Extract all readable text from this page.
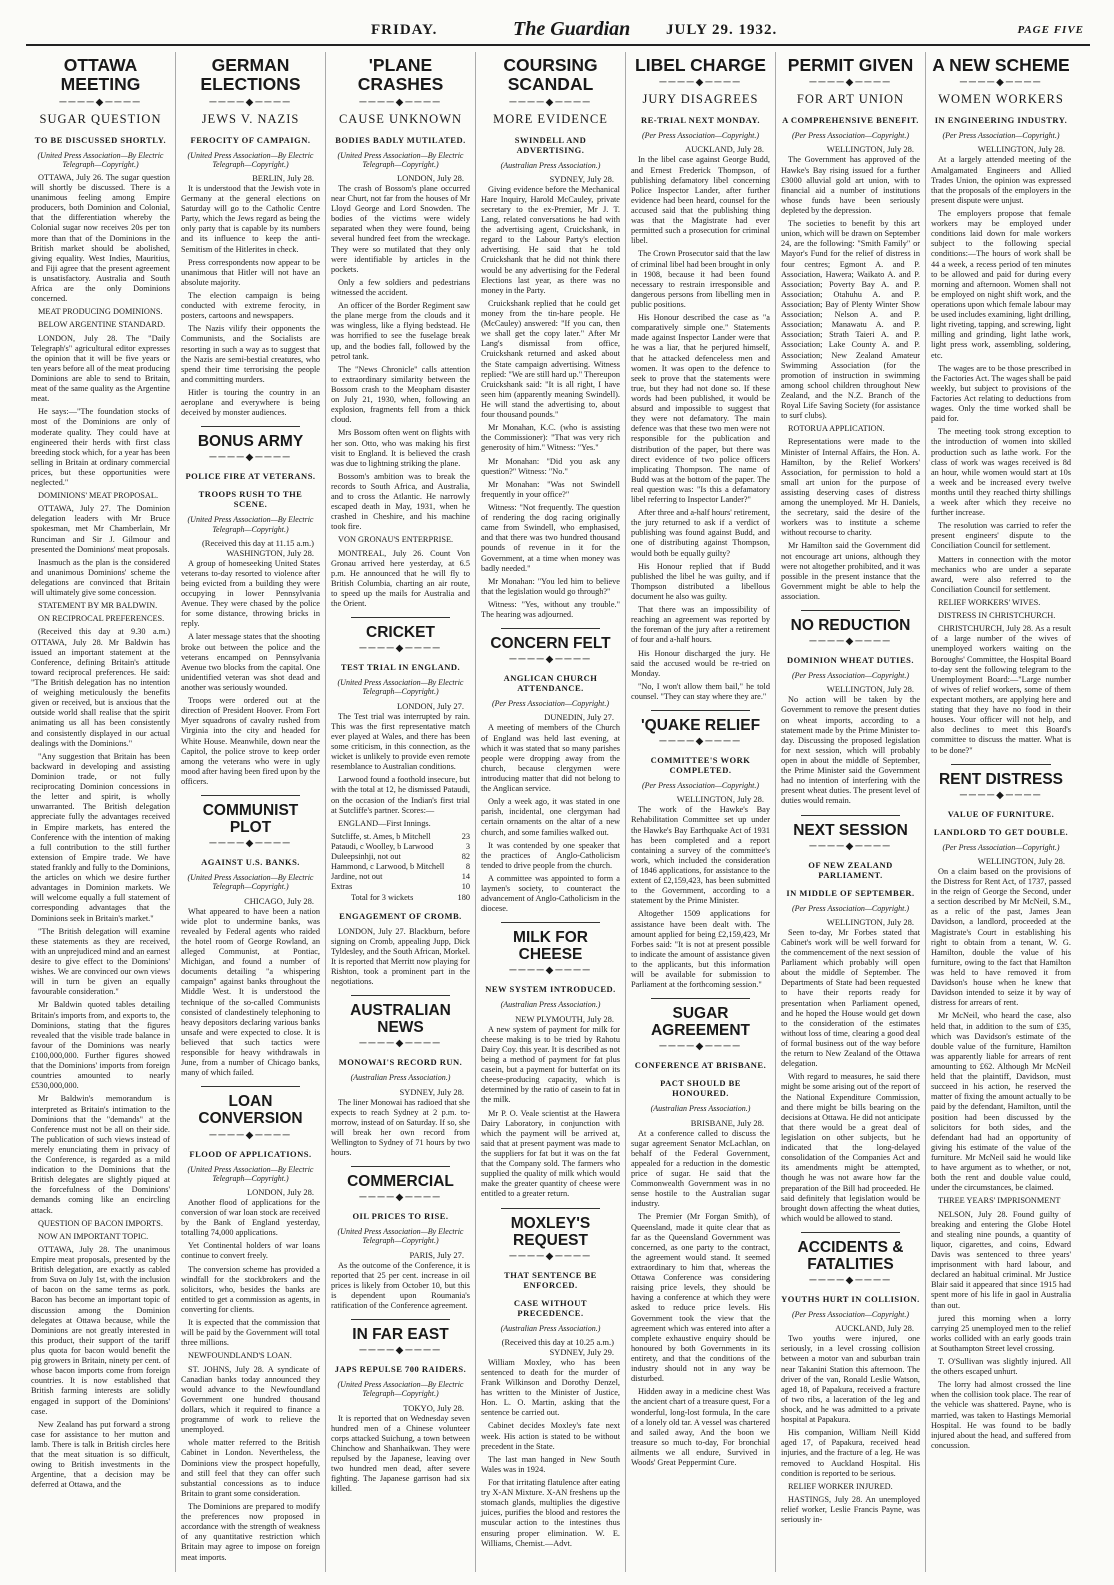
FRIDAY.	The Guardian JULY 29. 1932.	PAGE FIVE
OTTAWA MEETING
────◆────
SUGAR QUESTION
TO BE DISCUSSED SHORTLY.
(United Press Association—By Electric Telegraph—Copyright.)

OTTAWA, July 26. The sugar question will shortly be discussed. There is a unanimous feeling among Empire producers, both Dominion and Colonial, that the differentiation whereby the Colonial sugar now receives 20s per ton more than that of the Dominions in the British market should be abolished, giving equality. West Indies, Mauritius, and Fiji agree that the present agreement is unsatisfactory. Australia and South Africa are the only Dominions concerned.

MEAT PRODUCING DOMINIONS.

BELOW ARGENTINE STANDARD.

LONDON, July 28. The "Daily Telegraph's" agricultural editor expresses the opinion that it will be five years or ten years before all of the meat producing Dominions are able to send to Britain, meat of the same quality as the Argentine meat.

He says:—"The foundation stocks of most of the Dominions are only of moderate quality. They could have at engineered their herds with first class breeding stock which, for a year has been selling in Britain at ordinary commercial prices, but these opportunities were neglected."

DOMINIONS' MEAT PROPOSAL.

OTTAWA, July 27. The Dominion delegation leaders with Mr Bruce spokesman, met Mr Chamberlain, Mr Runciman and Sir J. Gilmour and presented the Dominions' meat proposals.

Inasmuch as the plan is the considered and unanimous Dominions' scheme the delegations are convinced that Britain will ultimately give some concession.

STATEMENT BY MR BALDWIN.

ON RECIPROCAL PREFERENCES.

(Received this day at 9.30 a.m.) OTTAWA, July 28. Mr Baldwin has issued an important statement at the Conference, defining Britain's attitude toward reciprocal preferences. He said: "The British delegation has no intention of weighing meticulously the benefits given or received, but is anxious that the outside world shall realise that the spirit animating us all has been consistently and consistently displayed in our actual dealings with the Dominions."

"Any suggestion that Britain has been backward in developing and assisting Dominion trade, or not fully reciprocating Dominion concessions in the letter and spirit, is wholly unwarranted. The British delegation appreciate fully the advantages received in Empire markets, has entered the Conference with the intention of making a full contribution to the still further extension of Empire trade. We have stated frankly and fully to the Dominions, the articles on which we desire further advantages in Dominion markets. We will welcome equally a full statement of corresponding advantages that the Dominions seek in Britain's market."

"The British delegation will examine these statements as they are received, with an unprejudiced mind and an earnest desire to give effect to the Dominions' wishes. We are convinced our own views will in turn be given an equally favourable consideration."

Mr Baldwin quoted tables detailing Britain's imports from, and exports to, the Dominions, stating that the figures revealed that the visible trade balance in favour of the Dominions was nearly £100,000,000. Further figures showed that the Dominions' imports from foreign countries amounted to nearly £530,000,000.

Mr Baldwin's memorandum is interpreted as Britain's intimation to the Dominions that the "demands" at the Conference must not be all on their side. The publication of such views instead of merely enunciating them in privacy of the Conference, is regarded as a mild indication to the Dominions that the British delegates are slightly piqued at the forcefulness of the Dominions' demands coming like an encircling attack.

QUESTION OF BACON IMPORTS.

NOW AN IMPORTANT TOPIC.

OTTAWA, July 28. The unanimous Empire meat proposals, presented by the British delegation, are exactly as cabled from Suva on July 1st, with the inclusion of bacon on the same terms as pork. Bacon has become an important topic of discussion among the Dominion delegates at Ottawa because, while the Dominions are not greatly interested in this product, their support of the tariff plus quota for bacon would benefit the pig growers in Britain, ninety per cent. of whose bacon imports come from foreign countries. It is now established that British farming interests are solidly engaged in support of the Dominions' case.

New Zealand has put forward a strong case for assistance to her mutton and lamb. There is talk in British circles here that the meat situation is so difficult, owing to British investments in the Argentine, that a decision may be deferred at Ottawa, and the

GERMAN ELECTIONS
────◆────
JEWS V. NAZIS
FEROCITY OF CAMPAIGN.
(United Press Association—By Electric Telegraph—Copyright.)
BERLIN, July 28.

It is understood that the Jewish vote in Germany at the general elections on Saturday will go to the Catholic Centre Party, which the Jews regard as being the only party that is capable by its numbers and its influence to keep the anti-Semitism of the Hitlerites in check.

Press correspondents now appear to be unanimous that Hitler will not have an absolute majority.

The election campaign is being conducted with extreme ferocity, in posters, cartoons and newspapers.

The Nazis vilify their opponents the Communists, and the Socialists are resorting in such a way as to suggest that the Nazis are semi-bestial creatures, who spend their time terrorising the people and committing murders.

Hitler is touring the country in an aeroplane and everywhere is being deceived by monster audiences.

BONUS ARMY
────◆────
POLICE FIRE AT VETERANS.
TROOPS RUSH TO THE SCENE.
(United Press Association—By Electric Telegraph—Copyright.)
(Received this day at 11.15 a.m.) WASHINGTON, July 28.

A group of homeseeking United States veterans to-day resorted to violence after being evicted from a building they were occupying in lower Pennsylvania Avenue. They were chased by the police for some distance, throwing bricks in reply.

A later message states that the shooting broke out between the police and the veterans encamped on Pennsylvania Avenue two blocks from the capital. One unidentified veteran was shot dead and another was seriously wounded.

Troops were ordered out at the direction of President Hoover. From Fort Myer squadrons of cavalry rushed from Virginia into the city and headed for White House. Meanwhile, down near the Capitol, the police strove to keep order among the veterans who were in ugly mood after having been fired upon by the officers.

COMMUNIST PLOT
────◆────
AGAINST U.S. BANKS.
(United Press Association—By Electric Telegraph—Copyright.)
CHICAGO, July 28.

What appeared to have been a nation wide plot to undermine banks, was revealed by Federal agents who raided the hotel room of George Rowland, an alleged Communist, at Pontiac, Michigan, and found a number of documents detailing "a whispering campaign" against banks throughout the Middle West. It is understood the technique of the so-called Communists consisted of clandestinely telephoning to heavy depositors declaring various banks unsafe and were expected to close. It is believed that such tactics were responsible for heavy withdrawals in June, from a number of Chicago banks, many of which failed.

LOAN CONVERSION
────◆────
FLOOD OF APPLICATIONS.
(United Press Association—By Electric Telegraph—Copyright.)
LONDON, July 28.

Another flood of applications for the conversion of war loan stock are received by the Bank of England yesterday, totalling 74,000 applications.

Yet Continental holders of war loans continue to convert freely.

The conversion scheme has provided a windfall for the stockbrokers and the solicitors, who, besides the banks are entitled to get a commission as agents, in converting for clients.

It is expected that the commission that will be paid by the Government will total three millions.

NEWFOUNDLAND'S LOAN.

ST. JOHNS, July 28. A syndicate of Canadian banks today announced they would advance to the Newfoundland Government one hundred thousand dollars, which it required to finance a programme of work to relieve the unemployed.

whole matter referred to the British Cabinet in London. Nevertheless, the Dominions view the prospect hopefully, and still feel that they can offer such substantial concessions as to induce Britain to grant some consideration.

The Dominions are prepared to modify the preferences now proposed in accordance with the strength of weakness of any quantitative restriction which Britain may agree to impose on foreign meat imports.

'PLANE CRASHES
────◆────
CAUSE UNKNOWN
BODIES BADLY MUTILATED.
(United Press Association—By Electric Telegraph—Copyright.)
LONDON, July 28.

The crash of Bossom's plane occurred near Churt, not far from the houses of Mr Lloyd George and Lord Snowden. The bodies of the victims were widely separated when they were found, being several hundred feet from the wreckage. They were so mutilated that they only were identifiable by articles in the pockets.

Only a few soldiers and pedestrians witnessed the accident.

An officer of the Border Regiment saw the plane merge from the clouds and it was wingless, like a flying bedstead. He was horrified to see the fuselage break up, and the bodies fall, followed by the petrol tank.

The "News Chronicle" calls attention to extraordinary similarity between the Bossom crash to the Meopham disaster on July 21, 1930, when, following an explosion, fragments fell from a thick cloud.

Mrs Bossom often went on flights with her son. Otto, who was making his first visit to England. It is believed the crash was due to lightning striking the plane.

Bossom's ambition was to break the records to South Africa, and Australia, and to cross the Atlantic. He narrowly escaped death in May, 1931, when he crashed in Cheshire, and his machine took fire.

VON GRONAU'S ENTERPRISE.

MONTREAL, July 26. Count Von Gronau arrived here yesterday, at 6.5 p.m. He announced that he will fly to British Columbia, charting an air route, to speed up the mails for Australia and the Orient.

CRICKET
────◆────
TEST TRIAL IN ENGLAND.
(United Press Association—By Electric Telegraph—Copyright.)
LONDON, July 27.

The Test trial was interrupted by rain. This was the first representative match ever played at Wales, and there has been some criticism, in this connection, as the wicket is unlikely to provide even remote resemblance to Australian conditions.

Larwood found a foothold insecure, but with the total at 12, he dismissed Pataudi, on the occasion of the Indian's first trial at Sutcliffe's partner. Scores:—

ENGLAND—First Innings.

Sutcliffe, st. Ames, b Mitchell	23
Pataudi, c Woolley, b Larwood	3
Duleepsinhji, not out	82
Hammond, c Larwood, b Mitchell	8
Jardine, not out	14
Extras	10
Total for 3 wickets	180
ENGAGEMENT OF CROMB.

LONDON, July 27. Blackburn, before signing on Cromb, appealing Jupp, Dick Tyldesley, and the South African, Morkel. It is reported that Merritt now playing for Rishton, took a prominent part in the negotiations.

AUSTRALIAN NEWS
────◆────
MONOWAI'S RECORD RUN.
(Australian Press Association.)
SYDNEY, July 28.

The liner Monowai has radioed that she expects to reach Sydney at 2 p.m. to-morrow, instead of on Saturday. If so, she will break her own record from Wellington to Sydney of 71 hours by two hours.

COMMERCIAL
────◆────
OIL PRICES TO RISE.
(United Press Association—By Electric Telegraph—Copyright.)
PARIS, July 27.

As the outcome of the Conference, it is reported that 25 per cent. increase in oil prices is likely from October 10, but this is dependent upon Roumania's ratification of the Conference agreement.

IN FAR EAST
────◆────
JAPS REPULSE 700 RAIDERS.
(United Press Association—By Electric Telegraph—Copyright.)
TOKYO, July 28.

It is reported that on Wednesday seven hundred men of a Chinese volunteer corps attacked Suichung, a town between Chinchow and Shanhaikwan. They were repulsed by the Japanese, leaving over two hundred men dead, after severe fighting. The Japanese garrison had six killed.

COURSING SCANDAL
────◆────
MORE EVIDENCE
SWINDELL AND ADVERTISING.
(Australian Press Association.)
SYDNEY, July 28.

Giving evidence before the Mechanical Hare Inquiry, Harold McCauley, private secretary to the ex-Premier, Mr J. T. Lang, related conversations he had with the advertising agent, Cruickshank, in regard to the Labour Party's election advertising. He said that he told Cruickshank that he did not think there would be any advertising for the Federal Elections last year, as there was no money in the Party.

Cruickshank replied that he could get money from the tin-hare people. He (McCauley) answered: "If you can, then we shall get the copy later." After Mr Lang's dismissal from office, Cruickshank returned and asked about the State campaign advertising. Witness replied: "We are still hard up." Thereupon Cruickshank said: "It is all right, I have seen him (apparently meaning Swindell). He will stand the advertising to, about four thousand pounds."

Mr Monahan, K.C. (who is assisting the Commissioner): "That was very rich generosity of him." Witness: "Yes."

Mr Monahan: "Did you ask any question?" Witness: "No."

Mr Monahan: "Was not Swindell frequently in your office?"

Witness: "Not frequently. The question of rendering the dog racing originally came from Swindell, who emphasised, and that there was two hundred thousand pounds of revenue in it for the Government, at a time when money was badly needed."

Mr Monahan: "You led him to believe that the legislation would go through?"

Witness: "Yes, without any trouble." The hearing was adjourned.

CONCERN FELT
────◆────
ANGLICAN CHURCH ATTENDANCE.
(Per Press Association—Copyright.)
DUNEDIN, July 27.

A meeting of members of the Church of England was held last evening, at which it was stated that so many parishes people were dropping away from the church, because clergymen were introducing matter that did not belong to the Anglican service.

Only a week ago, it was stated in one parish, incidental, one clergyman had certain ornaments on the altar of a new church, and some families walked out.

It was contended by one speaker that the practices of Anglo-Catholicism tended to drive people from the church.

A committee was appointed to form a laymen's society, to counteract the advancement of Anglo-Catholicism in the diocese.

MILK FOR CHEESE
────◆────
NEW SYSTEM INTRODUCED.
(Australian Press Association.)
NEW PLYMOUTH, July 28.

A new system of payment for milk for cheese making is to be tried by Rahotu Dairy Coy. this year. It is described as not being a method of payment for fat plus casein, but a payment for butterfat on its cheese-producing capacity, which is determined by the ratio of casein to fat in the milk.

Mr P. O. Veale scientist at the Hawera Dairy Laboratory, in conjunction with which the payment will be arrived at, said that at present payment was made to the suppliers for fat but it was on the fat that the Company sold. The farmers who supplied the quality of milk which would make the greater quantity of cheese were entitled to a greater return.

MOXLEY'S REQUEST
────◆────
THAT SENTENCE BE ENFORCED.
CASE WITHOUT PRECEDENCE.
(Australian Press Association.)
(Received this day at 10.25 a.m.) SYDNEY, July 29.

William Moxley, who has been sentenced to death for the murder of Frank Wilkinson and Dorothy Denzel, has written to the Minister of Justice, Hon. L. O. Martin, asking that the sentence be carried out.

Cabinet decides Moxley's fate next week. His action is stated to be without precedent in the State.

The last man hanged in New South Wales was in 1924.

For that irritating flatulence after eating try X-AN Mixture. X-AN freshens up the stomach glands, multiplies the digestive juices, purifies the blood and restores the muscular action to the intestines thus ensuring proper elimination. W. E. Williams, Chemist.—Advt.

LIBEL CHARGE
────◆────
JURY DISAGREES
RE-TRIAL NEXT MONDAY.
(Per Press Association—Copyright.)
AUCKLAND, July 28.

In the libel case against George Budd, and Ernest Frederick Thompson, of publishing defamatory libel concerning Police Inspector Lander, after further evidence had been heard, counsel for the accused said that the publishing thing was that the Magistrate had ever permitted such a prosecution for criminal libel.

The Crown Prosecutor said that the law of criminal libel had been brought in only in 1908, because it had been found necessary to restrain irresponsible and dangerous persons from libelling men in public positions.

His Honour described the case as "a comparatively simple one." Statements made against Inspector Lander were that he was a liar, that he perjured himself, that he attacked defenceless men and women. It was open to the defence to seek to prove that the statements were true, but they had not done so. If these words had been published, it would be absurd and impossible to suggest that they were not defamatory. The main defence was that these two men were not responsible for the publication and distribution of the paper, but there was direct evidence of two police officers implicating Thompson. The name of Budd was at the bottom of the paper. The real question was: "Is this a defamatory libel referring to Inspector Lander?"

After three and a-half hours' retirement, the jury returned to ask if a verdict of publishing was found against Budd, and one of distributing against Thompson, would both be equally guilty?

His Honour replied that if Budd published the libel he was guilty, and if Thompson distributed a libellous document he also was guilty.

That there was an impossibility of reaching an agreement was reported by the foreman of the jury after a retirement of four and a-half hours.

His Honour discharged the jury. He said the accused would be re-tried on Monday.

"No, I won't allow them bail," he told counsel. "They can stay where they are."

'QUAKE RELIEF
────◆────
COMMITTEE'S WORK COMPLETED.
(Per Press Association—Copyright.)
WELLINGTON, July 28.

The work of the Hawke's Bay Rehabilitation Committee set up under the Hawke's Bay Earthquake Act of 1931 has been completed and a report containing a survey of the committee's work, which included the consideration of 1846 applications, for assistance to the extent of £2,159,423, has been submitted to the Government, according to a statement by the Prime Minister.

Altogether 1509 applications for assistance have been dealt with. The amount applied for being £2,159,423, Mr Forbes said: "It is not at present possible to indicate the amount of assistance given to the applicants, but this information will be available for submission to Parliament at the forthcoming session."

SUGAR AGREEMENT
────◆────
CONFERENCE AT BRISBANE.
PACT SHOULD BE HONOURED.
(Australian Press Association.)
BRISBANE, July 28.

At a conference called to discuss the sugar agreement Senator McLachlan, on behalf of the Federal Government, appealed for a reduction in the domestic price of sugar. He said that the Commonwealth Government was in no sense hostile to the Australian sugar industry.

The Premier (Mr Forgan Smith), of Queensland, made it quite clear that as far as the Queensland Government was concerned, as one party to the contract, the agreement would stand. It seemed extraordinary to him that, whereas the Ottawa Conference was considering raising price levels, they should be having a conference at which they were asked to reduce price levels. His Government took the view that the agreement which was entered into after a complete exhaustive enquiry should be honoured by both Governments in its entirety, and that the conditions of the industry should not in any way be disturbed.

Hidden away in a medicine chest Was the ancient chart of a treasure quest, For a wonderful, long-lost formula, In the care of a lonely old tar. A vessel was chartered and sailed away, And the boon we treasure so much to-day, For bronchial ailments we all endure, Survived in Woods' Great Peppermint Cure.

PERMIT GIVEN
────◆────
FOR ART UNION
A COMPREHENSIVE BENEFIT.
(Per Press Association—Copyright.)
WELLINGTON, July 28.

The Government has approved of the Hawke's Bay rising issued for a further £3000 alluvial gold art union, with to financial aid a number of institutions whose funds have been seriously depleted by the depression.

The societies to benefit by this art union, which will be drawn on September 24, are the following: "Smith Family" or Mayor's Fund for the relief of distress in four centres; Egmont A. and P. Association, Hawera; Waikato A. and P. Association; Poverty Bay A. and P. Association; Otahuhu A. and P. Association; Bay of Plenty Winter Show Association; Nelson A. and P. Association; Manawatu A. and P. Association; Strath Taieri A. and P. Association; Lake County A. and P. Association; New Zealand Amateur Swimming Association (for the promotion of instruction in swimming among school children throughout New Zealand, and the N.Z. Branch of the Royal Life Saving Society (for assistance to surf clubs).

ROTORUA APPLICATION.

Representations were made to the Minister of Internal Affairs, the Hon. A. Hamilton, by the Relief Workers' Association, for permission to hold a small art union for the purpose of assisting deserving cases of distress among the unemployed. Mr H. Daniels, the secretary, said the desire of the workers was to institute a scheme without recourse to charity.

Mr Hamilton said the Government did not encourage art unions, although they were not altogether prohibited, and it was possible in the present instance that the Government might be able to help the association.

NO REDUCTION
────◆────
DOMINION WHEAT DUTIES.
(Per Press Association—Copyright.)
WELLINGTON, July 28.

No action will be taken by the Government to remove the present duties on wheat imports, according to a statement made by the Prime Minister to-day. Discussing the proposed legislation for next session, which will probably open in about the middle of September, the Prime Minister said the Government had no intention of interfering with the present wheat duties. The present level of duties would remain.

NEXT SESSION
────◆────
OF NEW ZEALAND PARLIAMENT.
IN MIDDLE OF SEPTEMBER.
(Per Press Association—Copyright.)
WELLINGTON, July 28.

Seen to-day, Mr Forbes stated that Cabinet's work will be well forward for the commencement of the next session of Parliament which probably will open about the middle of September. The Departments of State had been requested to have their reports ready for presentation when Parliament opened, and he hoped the House would get down to the consideration of the estimates without loss of time, clearing a good deal of formal business out of the way before the return to New Zealand of the Ottawa delegation.

With regard to measures, he said there might be some arising out of the report of the National Expenditure Commission, and there might be bills bearing on the decisions at Ottawa. He did not anticipate that there would be a great deal of legislation on other subjects, but he indicated that the long-delayed consolidation of the Companies Act and its amendments might be attempted, though he was not aware how far the preparation of the Bill had proceeded. He said definitely that legislation would be brought down affecting the wheat duties, which would be allowed to stand.

ACCIDENTS & FATALITIES
────◆────
YOUTHS HURT IN COLLISION.
(Per Press Association—Copyright.)
AUCKLAND, July 28.

Two youths were injured, one seriously, in a level crossing collision between a motor van and suburban train near Takanini Station this afternoon. The driver of the van, Ronald Leslie Watson, aged 18, of Papakura, received a fracture of two ribs, a laceration of the leg and shock, and he was admitted to a private hospital at Papakura.

His companion, William Neill Kidd aged 17, of Papakura, received head injuries, and the fracture of a leg. He was removed to Auckland Hospital. His condition is reported to be serious.

RELIEF WORKER INJURED.

HASTINGS, July 28. An unemployed relief worker, Leslie Francis Payne, was seriously in-

A NEW SCHEME
────◆────
WOMEN WORKERS
IN ENGINEERING INDUSTRY.
(Per Press Association—Copyright.)
WELLINGTON, July 28.

At a largely attended meeting of the Amalgamated Engineers and Allied Trades Union, the opinion was expressed that the proposals of the employers in the present dispute were unjust.

The employers propose that female workers may be employed under conditions laid down for male workers subject to the following special conditions:—The hours of work shall be 44 a week, a recess period of ten minutes to be allowed and paid for during every morning and afternoon. Women shall not be employed on night shift work, and the operations upon which female labour may be used includes examining, light drilling, light riveting, tapping, and screwing, light milling and grinding, light lathe work, light press work, assembling, soldering, etc.

The wages are to be those prescribed in the Factories Act. The wages shall be paid weekly, but subject to provisions of the Factories Act relating to deductions from wages. Only the time worked shall be paid for.

The meeting took strong exception to the introduction of women into skilled production such as lathe work. For the class of work was wages received is 8d an hour, while women would start at 10s a week and be increased every twelve months until they reached thirty shillings a week after which they receive no further increase.

The resolution was carried to refer the present engineers' dispute to the Conciliation Council for settlement.

Matters in connection with the motor mechanics who are under a separate award, were also referred to the Conciliation Council for settlement.

RELIEF WORKERS' WIVES.

DISTRESS IN CHRISTCHURCH.

CHRISTCHURCH, July 28. As a result of a large number of the wives of unemployed workers waiting on the Boroughs' Committee, the Hospital Board to-day sent the following telegram to the Unemployment Board:—"Large number of wives of relief workers, some of them expectant mothers, are applying here and stating that they have no food in their houses. Your officer will not help, and also declines to meet this Board's committee to discuss the matter. What is to be done?"

RENT DISTRESS
────◆────
VALUE OF FURNITURE.
LANDLORD TO GET DOUBLE.
(Per Press Association—Copyright.)
WELLINGTON, July 28.

On a claim based on the provisions of the Distress for Rent Act, of 1737, passed in the reign of George the Second, under a section described by Mr McNeil, S.M., as a relic of the past, James Jean Davidson, a landlord, proceeded at the Magistrate's Court in establishing his right to obtain from a tenant, W. G. Hamilton, double the value of his furniture, owing to the fact that Hamilton was held to have removed it from Davidson's house when he knew that Davidson intended to seize it by way of distress for arrears of rent.

Mr McNeil, who heard the case, also held that, in addition to the sum of £35, which was Davidson's estimate of the double value of the furniture, Hamilton was apparently liable for arrears of rent amounting to £62. Although Mr McNeil held that the plaintiff, Davidson, must succeed in his action, he reserved the matter of fixing the amount actually to be paid by the defendant, Hamilton, until the position had been discussed by the solicitors for both sides, and the defendant had had an opportunity of giving his estimate of the value of the furniture. Mr McNeil said he would like to have argument as to whether, or not, both the rent and double value could, under the circumstances, be claimed.

THREE YEARS' IMPRISONMENT

NELSON, July 28. Found guilty of breaking and entering the Globe Hotel and stealing nine pounds, a quantity of liquor, cigarettes, and coins, Edward Davis was sentenced to three years' imprisonment with hard labour, and declared an habitual criminal. Mr Justice Blair said it appeared that since 1915 had spent more of his life in gaol in Australia than out.

jured this morning when a lorry carrying 25 unemployed men to the relief works collided with an early goods train at Southampton Street level crossing.

T. O'Sullivan was slightly injured. All the others escaped unhurt.

The lorry had almost crossed the line when the collision took place. The rear of the vehicle was shattered. Payne, who is married, was taken to Hastings Memorial Hospital. He was found to be badly injured about the head, and suffered from concussion.
